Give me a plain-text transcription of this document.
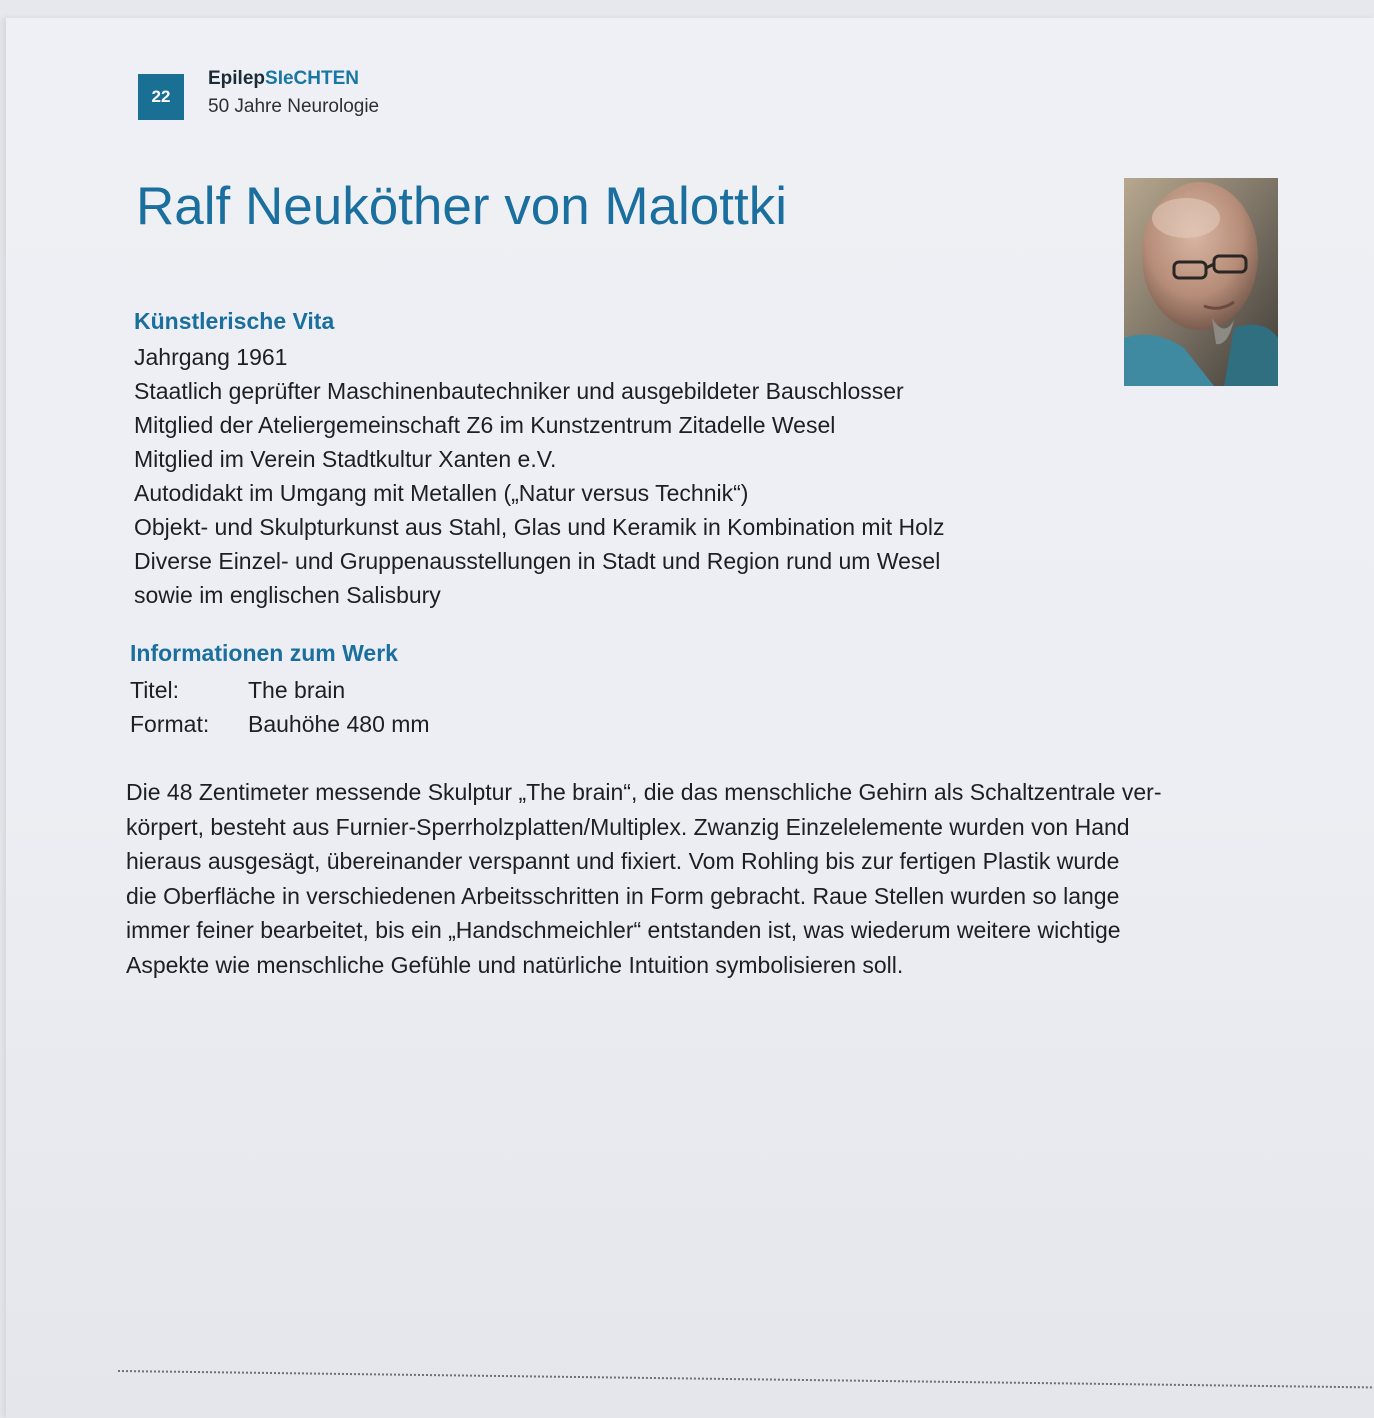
22
EpilepSIeCHTEN
50 Jahre Neurologie
Ralf Neuköther von Malottki
Künstlerische Vita
Jahrgang 1961
Staatlich geprüfter Maschinenbautechniker und ausgebildeter Bauschlosser
Mitglied der Ateliergemeinschaft Z6 im Kunstzentrum Zitadelle Wesel
Mitglied im Verein Stadtkultur Xanten e.V.
Autodidakt im Umgang mit Metallen („Natur versus Technik“)
Objekt- und Skulpturkunst aus Stahl, Glas und Keramik in Kombination mit Holz
Diverse Einzel- und Gruppenausstellungen in Stadt und Region rund um Wesel
sowie im englischen Salisbury
Informationen zum Werk
Titel:	The brain
Format:	Bauhöhe 480 mm

Die 48 Zentimeter messende Skulptur „The brain“, die das menschliche Gehirn als Schaltzentrale ver-
körpert, besteht aus Furnier-Sperrholzplatten/Multiplex. Zwanzig Einzelelemente wurden von Hand
hieraus ausgesägt, übereinander verspannt und fixiert. Vom Rohling bis zur fertigen Plastik wurde
die Oberfläche in verschiedenen Arbeitsschritten in Form gebracht. Raue Stellen wurden so lange
immer feiner bearbeitet, bis ein „Handschmeichler“ entstanden ist, was wiederum weitere wichtige
Aspekte wie menschliche Gefühle und natürliche Intuition symbolisieren soll.
